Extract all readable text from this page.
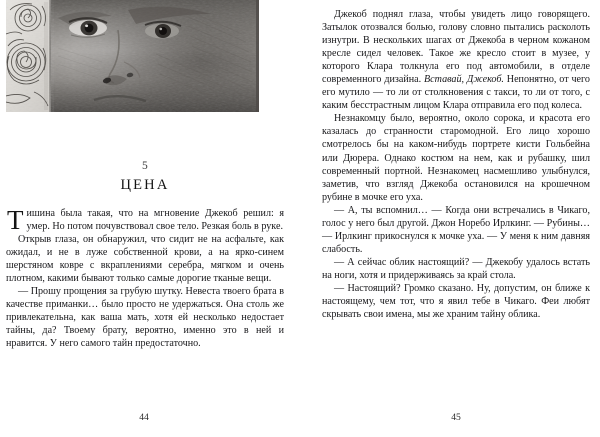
5
ЦЕНА

Тишина была такая, что на мгновение Джекоб решил: я умер. Но потом почувствовал свое тело. Резкая боль в руке.

Открыв глаза, он обнаружил, что сидит не на асфальте, как ожидал, и не в луже собственной крови, а на ярко-синем шерстяном ковре с вкраплениями серебра, мягком и очень плотном, какими бывают только самые дорогие тканые вещи.

— Прошу прощения за грубую шутку. Невеста твоего брата в качестве приманки… было просто не удержаться. Она столь же привлекательна, как ваша мать, хотя ей несколько недостает тайны, да? Твоему брату, вероятно, именно это в ней и нравится. У него самого тайн предостаточно.

44

Джекоб поднял глаза, чтобы увидеть лицо говорящего. Затылок отозвался болью, голову словно пытались расколоть изнутри. В нескольких шагах от Джекоба в черном кожаном кресле сидел человек. Такое же кресло стоит в музее, у которого Клара толкнула его под автомобили, в отделе современного дизайна. Вставай, Джекоб. Непонятно, от чего его мутило — то ли от столкновения с такси, то ли от того, с каким бесстрастным лицом Клара отправила его под колеса.

Незнакомцу было, вероятно, около сорока, и красота его казалась до странности старомодной. Его лицо хорошо смотрелось бы на каком-нибудь портрете кисти Гольбейна или Дюрера. Однако костюм на нем, как и рубашку, шил современный портной. Незнакомец насмешливо улыбнулся, заметив, что взгляд Джекоба остановился на крошечном рубине в мочке его уха.

— А, ты вспомнил… — Когда они встречались в Чикаго, голос у него был другой. Джон Норебо Ирлкинг. — Рубины… — Ирлкинг прикоснулся к мочке уха. — У меня к ним давняя слабость.

— А сейчас облик настоящий? — Джекобу удалось встать на ноги, хотя и придерживаясь за край стола.

— Настоящий? Громко сказано. Ну, допустим, он ближе к настоящему, чем тот, что я явил тебе в Чикаго. Феи любят скрывать свои имена, мы же храним тайну облика.

45
